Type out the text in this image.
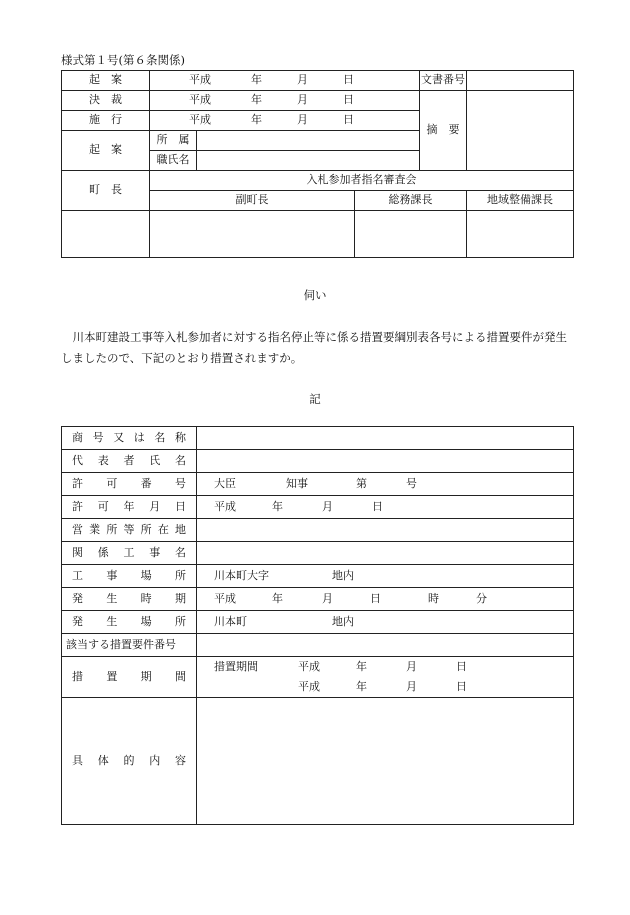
様式第１号(第６条関係)
起　案	平成 年 月 日			文書番号		
決　裁	平成 年 月 日			摘　要		
施　行	平成 年 月 日					
起　案	所　属					
	職氏名					
町　長	入札参加者指名審査会					
	副町長		総務課長		地域整備課長	

伺い
川本町建設工事等入札参加者に対する指名停止等に係る措置要綱別表各号による措置要件が発生しましたので、下記のとおり措置されますか。
記
商号又は名称	

代表者氏名	

許可番号	大臣 知事 第 号

許可年月日	平成 年 月 日

営業所等所在地	

関係工事名	

工事場所	川本町大字 地内

発生時期	平成 年 月 日 時 分

発生場所	川本町 地内
該当する措置要件番号	

措置期間	措置期間 平成 年 月 日
平成 年 月 日

具体的内容	
